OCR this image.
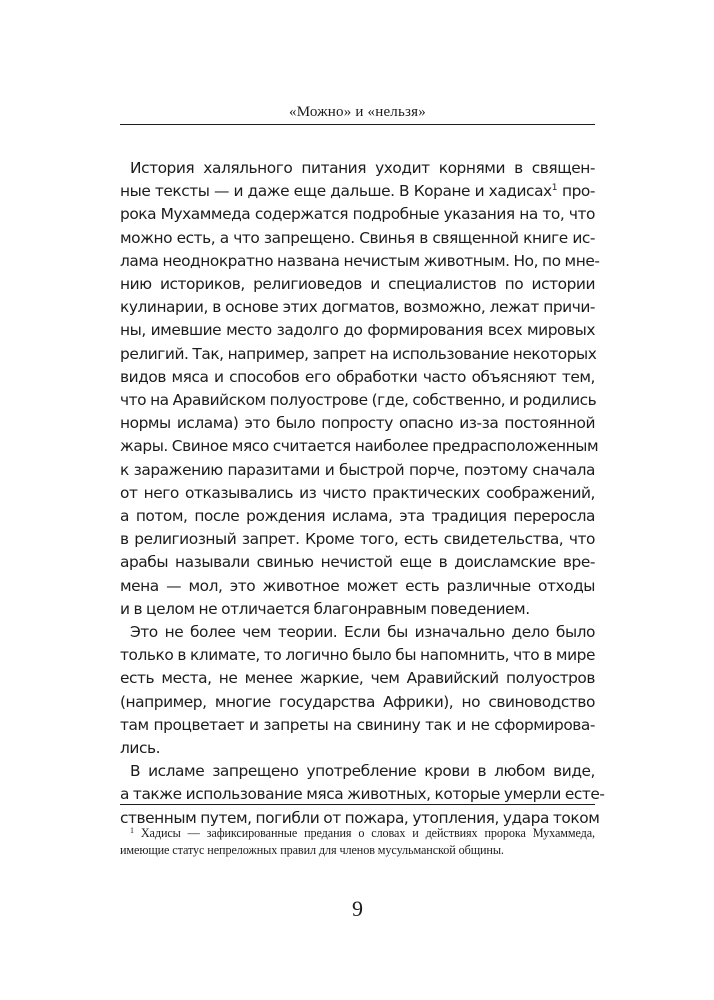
«Можно» и «нельзя»

История халяльного питания уходит корнями в священ-
ные тексты — и даже еще дальше. В Коране и хадисах$^1$ про-
рока Мухаммеда содержатся подробные указания на то, что
можно есть, а что запрещено. Свинья в священной книге ис-
лама неоднократно названа нечистым животным. Но, по мне-
нию историков, религиоведов и специалистов по истории
кулинарии, в основе этих догматов, возможно, лежат причи-
ны, имевшие место задолго до формирования всех мировых
религий. Так, например, запрет на использование некоторых
видов мяса и способов его обработки часто объясняют тем,
что на Аравийском полуострове (где, собственно, и родились
нормы ислама) это было попросту опасно из-за постоянной
жары. Свиное мясо считается наиболее предрасположенным
к заражению паразитами и быстрой порче, поэтому сначала
от него отказывались из чисто практических соображений,
а потом, после рождения ислама, эта традиция переросла
в религиозный запрет. Кроме того, есть свидетельства, что
арабы называли свинью нечистой еще в доисламские вре-
мена — мол, это животное может есть различные отходы
и в целом не отличается благонравным поведением.

Это не более чем теории. Если бы изначально дело было
только в климате, то логично было бы напомнить, что в мире
есть места, не менее жаркие, чем Аравийский полуостров
(например, многие государства Африки), но свиноводство
там процветает и запреты на свинину так и не сформирова-
лись.

В исламе запрещено употребление крови в любом виде,
а также использование мяса животных, которые умерли есте-
ственным путем, погибли от пожара, утопления, удара током

$^1$ Хадисы — зафиксированные предания о словах и действиях пророка Мухаммеда,
имеющие статус непреложных правил для членов мусульманской общины.
9
